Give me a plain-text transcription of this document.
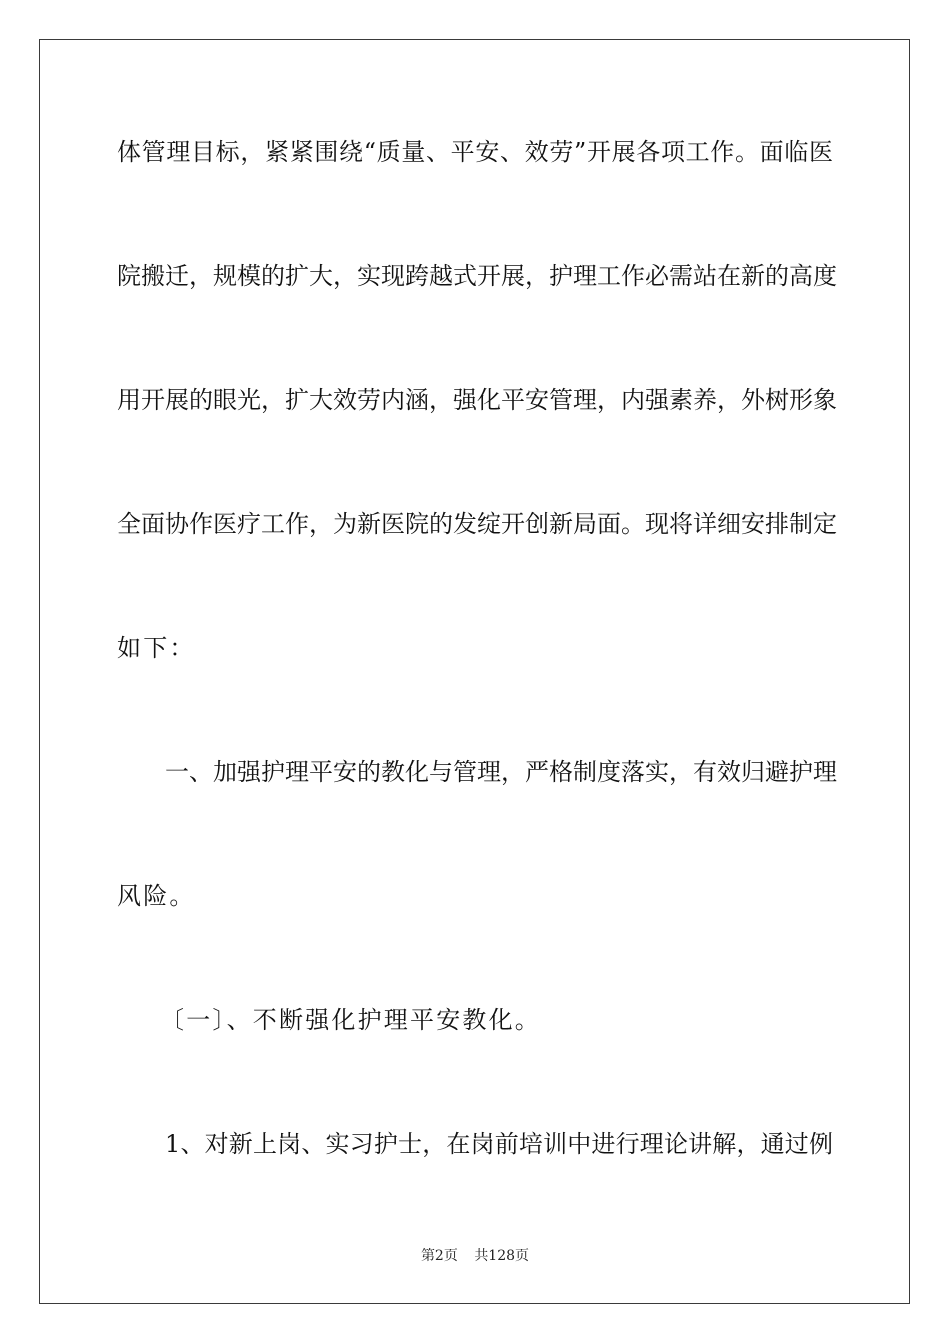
体管理目标，紧紧围绕“质量、平安、效劳”开展各项工作。面临医
院搬迁，规模的扩大，实现跨越式开展，护理工作必需站在新的高度
用开展的眼光，扩大效劳内涵，强化平安管理，内强素养，外树形象
全面协作医疗工作，为新医院的发绽开创新局面。现将详细安排制定
如下：
一、加强护理平安的教化与管理，严格制度落实，有效归避护理
风险。
〔一〕、不断强化护理平安教化。
1、对新上岗、实习护士，在岗前培训中进行理论讲解，通过例
第2页 共128页
